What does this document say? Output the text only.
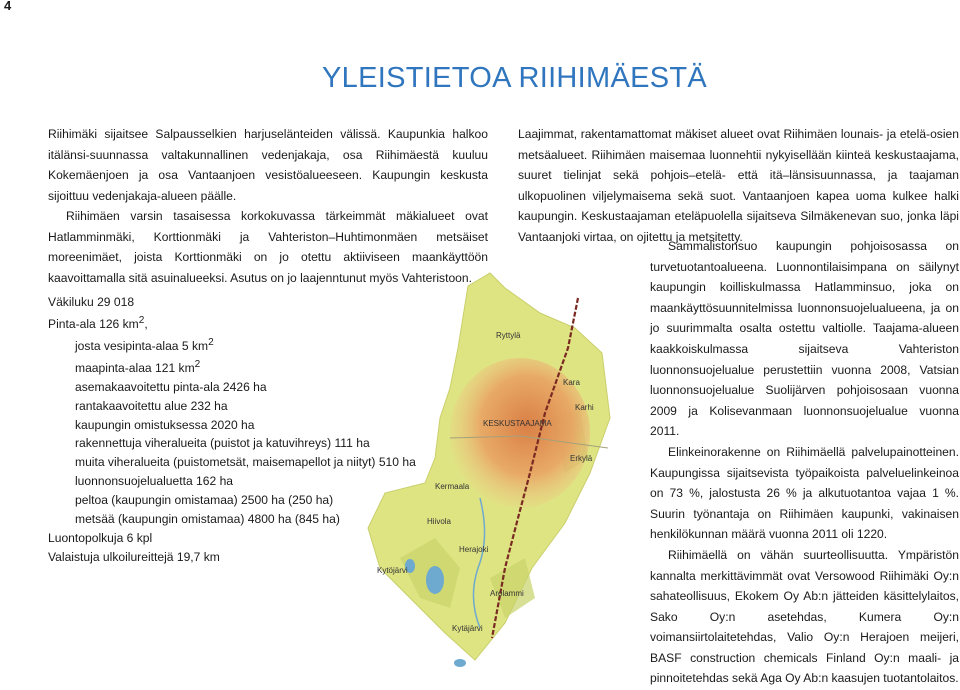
4
YLEISTIETOA RIIHIMÄESTÄ

Riihimäki sijaitsee Salpausselkien harjuselänteiden välissä. Kaupunkia halkoo itälänsi-suunnassa valtakunnallinen vedenjakaja, osa Riihimäestä kuuluu Kokemäenjoen ja osa Vantaanjoen vesistöalueeseen. Kaupungin keskusta sijoittuu vedenjakaja-alueen päälle.

Riihimäen varsin tasaisessa korkokuvassa tärkeimmät mäkialueet ovat Hatlamminmäki, Korttionmäki ja Vahteriston–Huhtimonmäen metsäiset moreenimäet, joista Korttionmäki on jo otettu aktiiviseen maankäyttöön kaavoittamalla sitä asuinalueeksi. Asutus on jo laajenntunut myös Vahteristoon.

Väkiluku 29 018
Pinta-ala 126 $km^2$,
josta vesipinta-alaa 5 $km^2$
maapinta-alaa 121 $km^2$
asemakaavoitettu pinta-ala 2426 ha
rantakaavoitettu alue 232 ha
kaupungin omistuksessa 2020 ha
rakennettuja viheralueita (puistot ja katuvihreys) 111 ha
muita viheralueita (puistometsät, maisemapellot ja niityt) 510 ha
luonnonsuojelualuetta 162 ha
peltoa (kaupungin omistamaa) 2500 ha (250 ha)
metsää (kaupungin omistamaa) 4800 ha (845 ha)
Luontopolkuja 6 kpl
Valaistuja ulkoilureittejä 19,7 km
Ryttylä
Kara
Karhi
KESKUSTAAJAMA
Erkylä
Kermaala
Hiivola
Herajoki
Kytöjärvi
Arolammi
Kytäjärvi
Laajimmat, rakentamattomat mäkiset alueet ovat Riihimäen lounais- ja etelä-osien metsäalueet. Riihimäen maisemaa luonnehtii nykyisellään kiinteä keskustaajama, suuret tielinjat sekä pohjois–etelä- että itä–länsisuunnassa, ja taajaman ulkopuolinen viljelymaisema sekä suot. Vantaanjoen kapea uoma kulkee halki kaupungin. Keskustaajaman eteläpuolella sijaitseva Silmäkenevan suo, jonka läpi Vantaanjoki virtaa, on ojitettu ja metsitetty.
Sammalistonsuo kaupungin pohjoisosassa on turvetuotantoalueena. Luonnontilaisimpana on säilynyt kaupungin koilliskulmassa Hatlamminsuo, joka on maankäyttösuunnitelmissa luonnonsuojelualueena, ja on jo suurimmalta osalta ostettu valtiolle. Taajama-alueen kaakkoiskulmassa sijaitseva Vahteriston luonnonsuojelualue perustettiin vuonna 2008, Vatsian luonnonsuojelualue Suolijärven pohjoisosaan vuonna 2009 ja Kolisevanmaan luonnonsuojelualue vuonna 2011.
Elinkeinorakenne on Riihimäellä palvelupainotteinen. Kaupungissa sijaitsevista työpaikoista palveluelinkeinoa on 73 %, jalostusta 26 % ja alkutuotantoa vajaa 1 %. Suurin työnantaja on Riihimäen kaupunki, vakinaisen henkilökunnan määrä vuonna 2011 oli 1220.
Riihimäellä on vähän suurteollisuutta. Ympäristön kannalta merkittävimmät ovat Versowood Riihimäki Oy:n sahateollisuus, Ekokem Oy Ab:n jätteiden käsittelylaitos, Sako Oy:n asetehdas, Kumera Oy:n voimansiirtolaitetehdas, Valio Oy:n Herajoen meijeri, BASF construction chemicals Finland Oy:n maali- ja pinnoitetehdas sekä Aga Oy Ab:n kaasujen tuotantolaitos.
